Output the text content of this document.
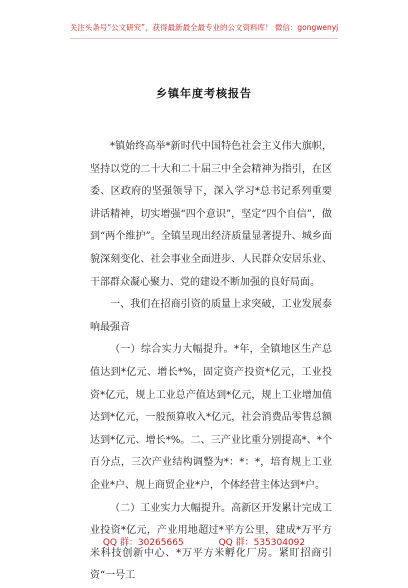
关注头条号“公文研究”，获得最新最全最专业的公文资料库！ 微信：gongwenyj
乡镇年度考核报告

*镇始终高举*新时代中国特色社会主义伟大旗帜，坚持以党的二十大和二十届三中全会精神为指引，在区委、区政府的坚强领导下，深入学习*总书记系列重要讲话精神，切实增强“四个意识”，坚定“四个自信”，做到“两个维护”。全镇呈现出经济质量显著提升、城乡面貌深刻变化、社会事业全面进步、人民群众安居乐业、干部群众凝心聚力、党的建设不断加强的良好局面。

一、我们在招商引资的质量上求突破，工业发展泰响最强音

（一）综合实力大幅提升。*年，全镇地区生产总值达到*亿元、增长*%，固定资产投资*亿元，工业投资*亿元，规上工业总产值达到*亿元，规上工业增加值达到*亿元，一般预算收入*亿元，社会消费品零售总额达到*亿元、增长*%。二、三产业比重分别提高*、*个百分点，三次产业结构调整为*：*：*，培育规上工业企业*户、规上商贸企业*户，个体经营主体达到*户。

（二）工业实力大幅提升。高新区开发累计完成工业投资*亿元，产业用地超过*平方公里，建成*万平方米科技创新中心、*万平方米孵化厂房。紧盯招商引资“一号工

QQ 群：30265665	QQ 群：535304092
